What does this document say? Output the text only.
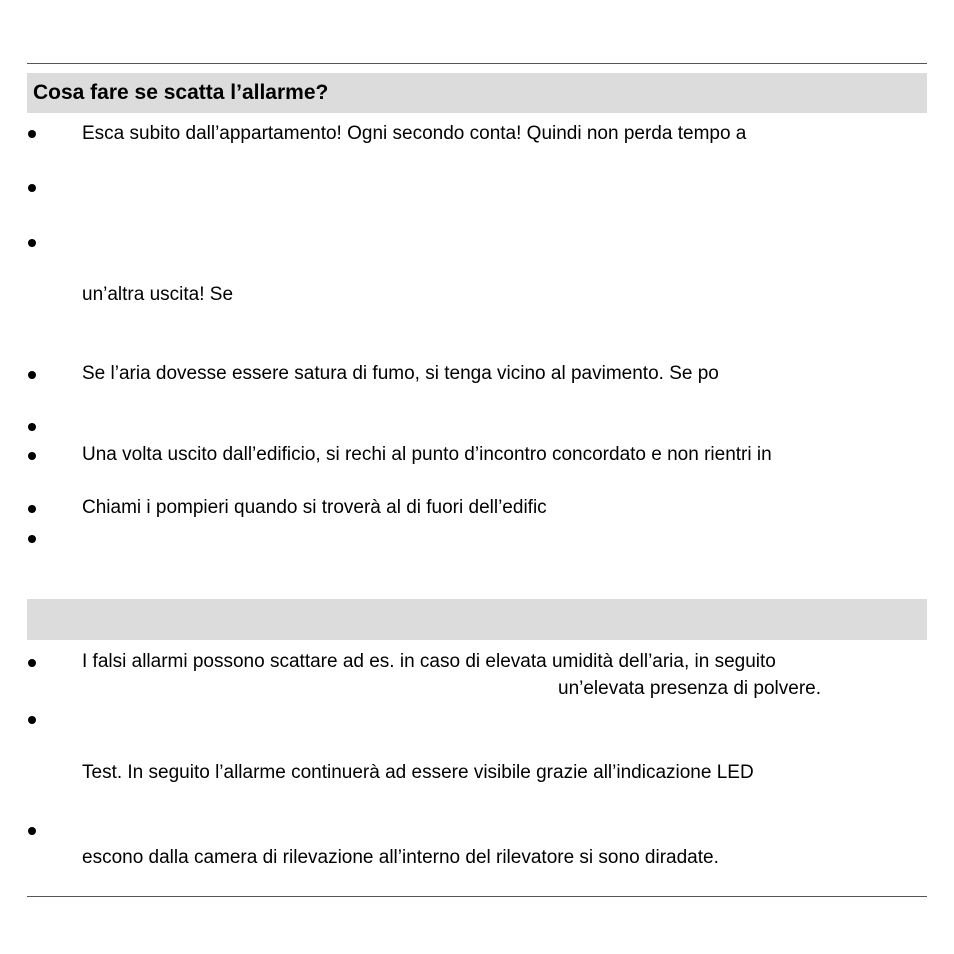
Cosa fare se scatta l’allarme?
Esca subito dall’appartamento! Ogni secondo conta! Quindi non perda tempo a
un’altra uscita! Se
Se l’aria dovesse essere satura di fumo, si tenga vicino al pavimento. Se po
Una volta uscito dall’edificio, si rechi al punto d’incontro concordato e non rientri in
Chiami i pompieri quando si troverà al di fuori dell’edific
I falsi allarmi possono scattare ad es. in caso di elevata umidità dell’aria, in seguito
un’elevata presenza di polvere.
Test. In seguito l’allarme continuerà ad essere visibile grazie all’indicazione LED
escono dalla camera di rilevazione all’interno del rilevatore si sono diradate.
